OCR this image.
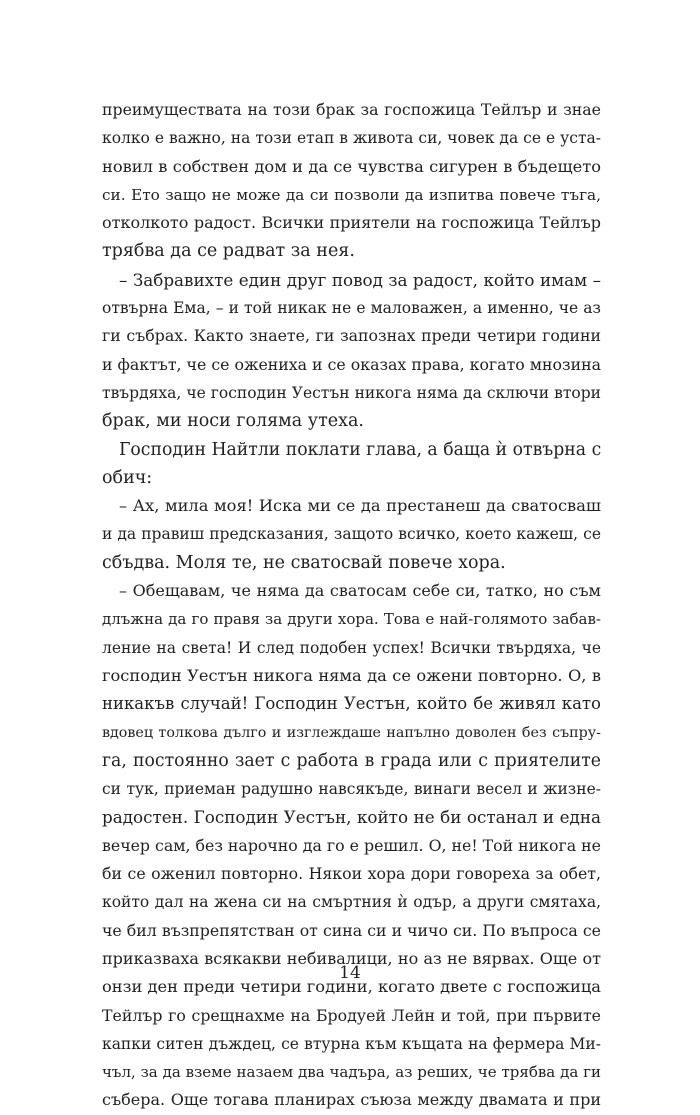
преимуществата на този брак за госпожица Тейлър и знае
колко е важно, на този етап в живота си, човек да се е уста-
новил в собствен дом и да се чувства сигурен в бъдещето
си. Ето защо не може да си позволи да изпитва повече тъга,
отколкото радост. Всички приятели на госпожица Тейлър
трябва да се радват за нея.
– Забравихте един друг повод за радост, който имам –
отвърна Ема, – и той никак не е маловажен, а именно, че аз
ги събрах. Както знаете, ги запознах преди четири години
и фактът, че се ожениха и се оказах права, когато мнозина
твърдяха, че господин Уестън никога няма да сключи втори
брак, ми носи голяма утеха.
Господин Найтли поклати глава, а баща ѝ отвърна с
обич:
– Ах, мила моя! Иска ми се да престанеш да сватосваш
и да правиш предсказания, защото всичко, което кажеш, се
сбъдва. Моля те, не сватосвай повече хора.
– Обещавам, че няма да сватосам себе си, татко, но съм
длъжна да го правя за други хора. Това е най-голямото забав-
ление на света! И след подобен успех! Всички твърдяха, че
господин Уестън никога няма да се ожени повторно. О, в
никакъв случай! Господин Уестън, който бе живял като
вдовец толкова дълго и изглеждаше напълно доволен без съпру-
га, постоянно зает с работа в града или с приятелите
си тук, приеман радушно навсякъде, винаги весел и жизне-
радостен. Господин Уестън, който не би останал и една
вечер сам, без нарочно да го е решил. О, не! Той никога не
би се оженил повторно. Някои хора дори говореха за обет,
който дал на жена си на смъртния ѝ одър, а други смятаха,
че бил възпрепятстван от сина си и чичо си. По въпроса се
приказваха всякакви небивалици, но аз не вярвах. Още от
онзи ден преди четири години, когато двете с госпожица
Тейлър го срещнахме на Бродуей Лейн и той, при първите
капки ситен дъждец, се втурна към къщата на фермера Ми-
чъл, за да вземе назаем два чадъра, аз реших, че трябва да ги
събера. Още тогава планирах съюза между двамата и при
14
